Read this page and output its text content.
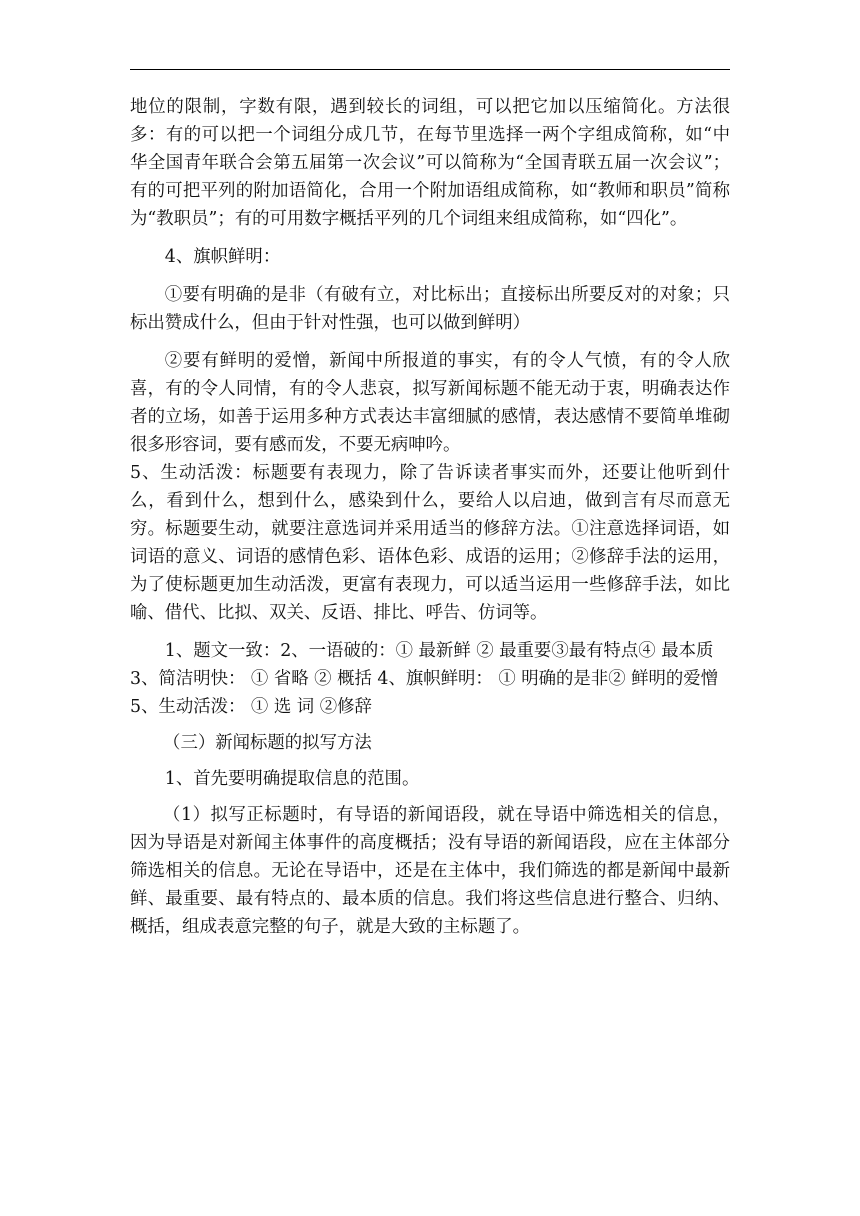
地位的限制，字数有限，遇到较长的词组，可以把它加以压缩简化。方法很多：有的可以把一个词组分成几节，在每节里选择一两个字组成简称，如“中华全国青年联合会第五届第一次会议”可以简称为“全国青联五届一次会议”；有的可把平列的附加语简化，合用一个附加语组成简称，如“教师和职员”简称为“教职员”；有的可用数字概括平列的几个词组来组成简称，如“四化”。

4、旗帜鲜明：

①要有明确的是非（有破有立，对比标出；直接标出所要反对的对象；只标出赞成什么，但由于针对性强，也可以做到鲜明）

②要有鲜明的爱憎，新闻中所报道的事实，有的令人气愤，有的令人欣喜，有的令人同情，有的令人悲哀，拟写新闻标题不能无动于衷，明确表达作者的立场，如善于运用多种方式表达丰富细腻的感情，表达感情不要简单堆砌很多形容词，要有感而发，不要无病呻吟。

5、生动活泼：标题要有表现力，除了告诉读者事实而外，还要让他听到什么，看到什么，想到什么，感染到什么，要给人以启迪，做到言有尽而意无穷。标题要生动，就要注意选词并采用适当的修辞方法。①注意选择词语，如词语的意义、词语的感情色彩、语体色彩、成语的运用；②修辞手法的运用，为了使标题更加生动活泼，更富有表现力，可以适当运用一些修辞手法，如比喻、借代、比拟、双关、反语、排比、呼告、仿词等。

1、题文一致：2、一语破的：① 最新鲜 ② 最重要③最有特点④ 最本质

3、简洁明快： ① 省略 ② 概括 4、旗帜鲜明： ① 明确的是非② 鲜明的爱憎

5、生动活泼： ① 选 词 ②修辞

（三）新闻标题的拟写方法

1、首先要明确提取信息的范围。

（1）拟写正标题时，有导语的新闻语段，就在导语中筛选相关的信息，因为导语是对新闻主体事件的高度概括；没有导语的新闻语段，应在主体部分筛选相关的信息。无论在导语中，还是在主体中，我们筛选的都是新闻中最新鲜、最重要、最有特点的、最本质的信息。我们将这些信息进行整合、归纳、概括，组成表意完整的句子，就是大致的主标题了。
